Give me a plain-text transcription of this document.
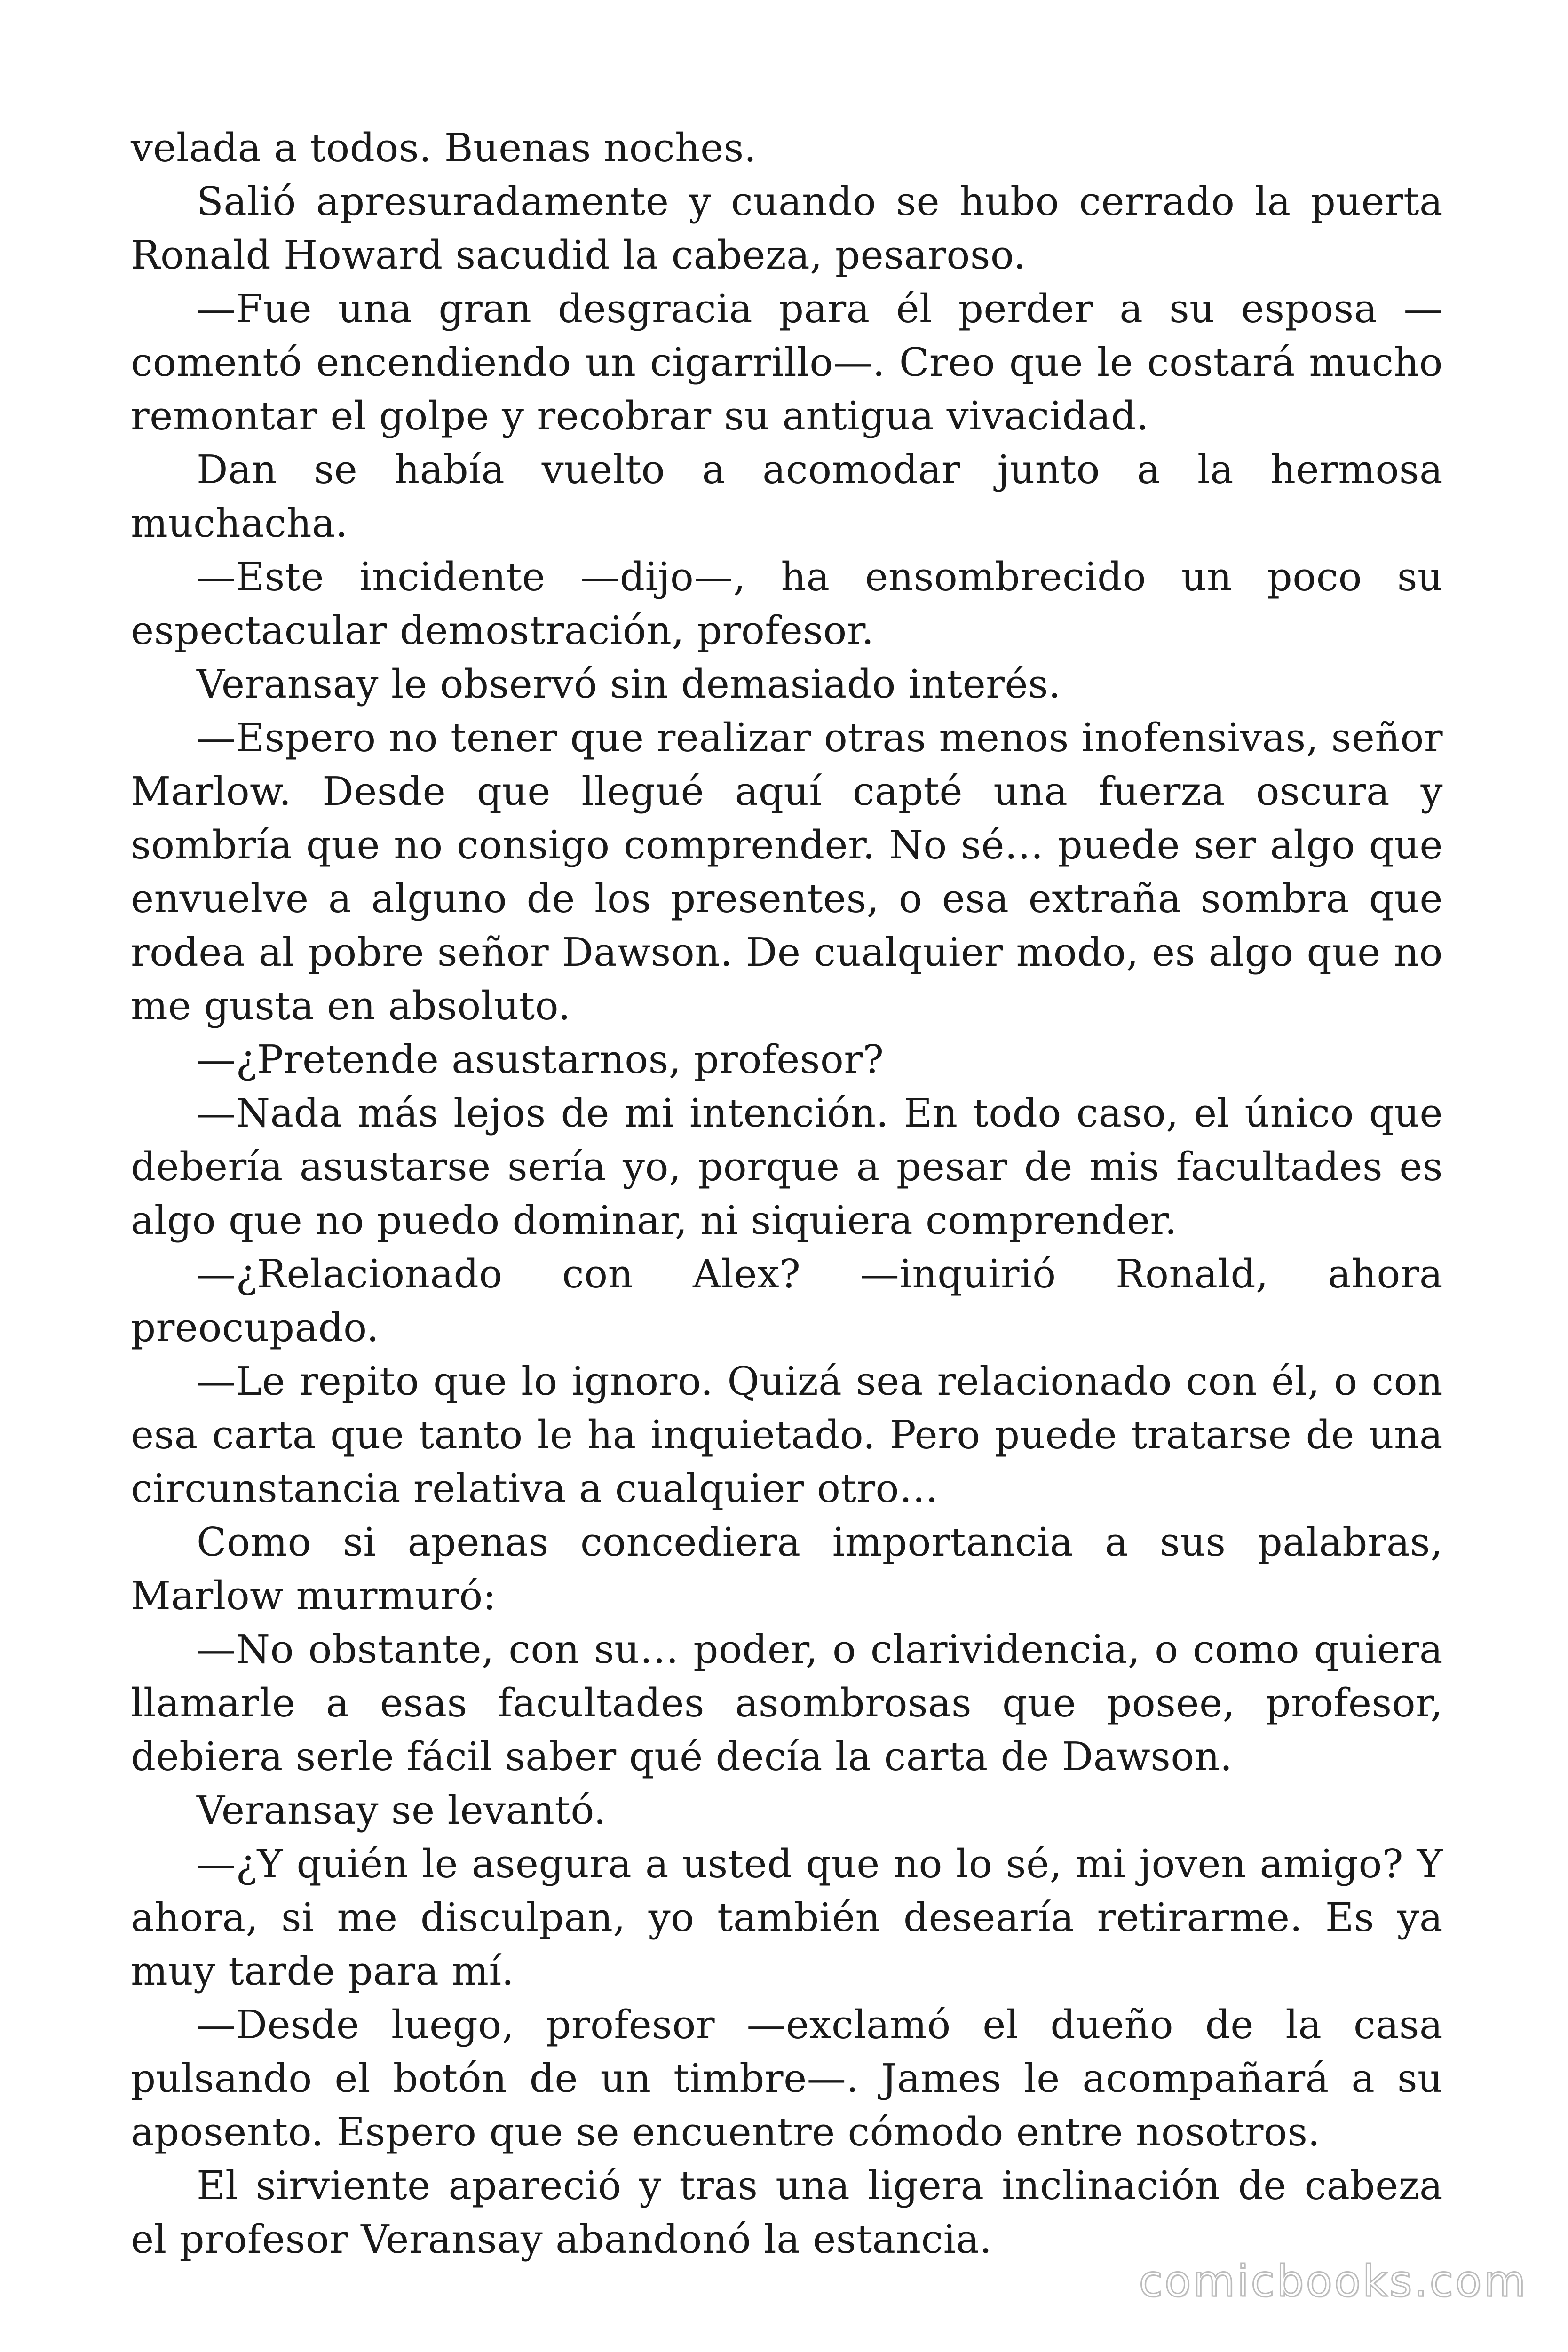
velada a todos. Buenas noches.

Salió apresuradamente y cuando se hubo cerrado la puerta Ronald Howard sacudid la cabeza, pesaroso.

—Fue una gran desgracia para él perder a su esposa —comentó encendiendo un cigarrillo—. Creo que le costará mucho remontar el golpe y recobrar su antigua vivacidad.

Dan se había vuelto a acomodar junto a la hermosa muchacha.

—Este incidente —dijo—, ha ensombrecido un poco su espectacular demostración, profesor.

Veransay le observó sin demasiado interés.

—Espero no tener que realizar otras menos inofensivas, señor Marlow. Desde que llegué aquí capté una fuerza oscura y sombría que no consigo comprender. No sé… puede ser algo que envuelve a alguno de los presentes, o esa extraña sombra que rodea al pobre señor Dawson. De cualquier modo, es algo que no me gusta en absoluto.

—¿Pretende asustarnos, profesor?

—Nada más lejos de mi intención. En todo caso, el único que debería asustarse sería yo, porque a pesar de mis facultades es algo que no puedo dominar, ni siquiera comprender.

—¿Relacionado con Alex? —inquirió Ronald, ahora preocupado.

—Le repito que lo ignoro. Quizá sea relacionado con él, o con esa carta que tanto le ha inquietado. Pero puede tratarse de una circunstancia relativa a cualquier otro…

Como si apenas concediera importancia a sus palabras, Marlow murmuró:

—No obstante, con su… poder, o clarividencia, o como quiera llamarle a esas facultades asombrosas que posee, profesor, debiera serle fácil saber qué decía la carta de Dawson.

Veransay se levantó.

—¿Y quién le asegura a usted que no lo sé, mi joven amigo? Y ahora, si me disculpan, yo también desearía retirarme. Es ya muy tarde para mí.

—Desde luego, profesor —exclamó el dueño de la casa pulsando el botón de un timbre—. James le acompañará a su aposento. Espero que se encuentre cómodo entre nosotros.

El sirviente apareció y tras una ligera inclinación de cabeza el profesor Veransay abandonó la estancia.

comicbooks.com
